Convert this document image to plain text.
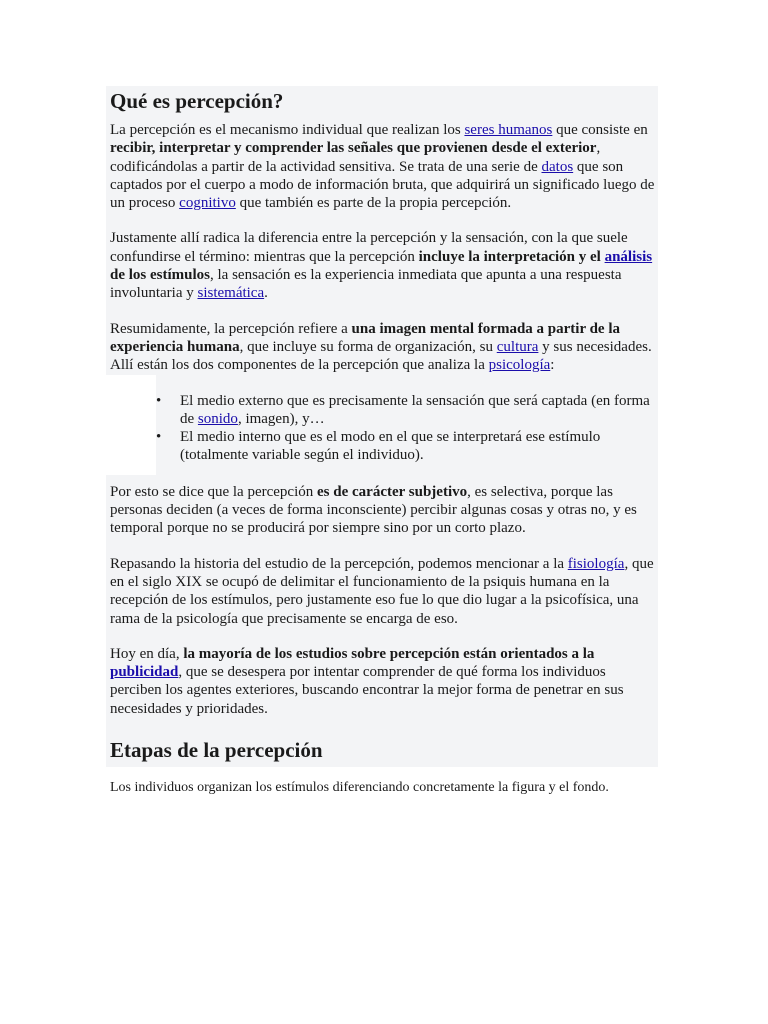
Qué es percepción?

La percepción es el mecanismo individual que realizan los seres humanos que consiste en recibir, interpretar y comprender las señales que provienen desde el exterior, codificándolas a partir de la actividad sensitiva. Se trata de una serie de datos que son captados por el cuerpo a modo de información bruta, que adquirirá un significado luego de un proceso cognitivo que también es parte de la propia percepción.

Justamente allí radica la diferencia entre la percepción y la sensación, con la que suele confundirse el término: mientras que la percepción incluye la interpretación y el análisis de los estímulos, la sensación es la experiencia inmediata que apunta a una respuesta involuntaria y sistemática.

Resumidamente, la percepción refiere a una imagen mental formada a partir de la experiencia humana, que incluye su forma de organización, su cultura y sus necesidades. Allí están los dos componentes de la percepción que analiza la psicología:

• El medio externo que es precisamente la sensación que será captada (en forma de sonido, imagen), y…
• El medio interno que es el modo en el que se interpretará ese estímulo (totalmente variable según el individuo).

Por esto se dice que la percepción es de carácter subjetivo, es selectiva, porque las personas deciden (a veces de forma inconsciente) percibir algunas cosas y otras no, y es temporal porque no se producirá por siempre sino por un corto plazo.

Repasando la historia del estudio de la percepción, podemos mencionar a la fisiología, que en el siglo XIX se ocupó de delimitar el funcionamiento de la psiquis humana en la recepción de los estímulos, pero justamente eso fue lo que dio lugar a la psicofísica, una rama de la psicología que precisamente se encarga de eso.

Hoy en día, la mayoría de los estudios sobre percepción están orientados a la publicidad, que se desespera por intentar comprender de qué forma los individuos perciben los agentes exteriores, buscando encontrar la mejor forma de penetrar en sus necesidades y prioridades.

Etapas de la percepción

Los individuos organizan los estímulos diferenciando concretamente la figura y el fondo.
